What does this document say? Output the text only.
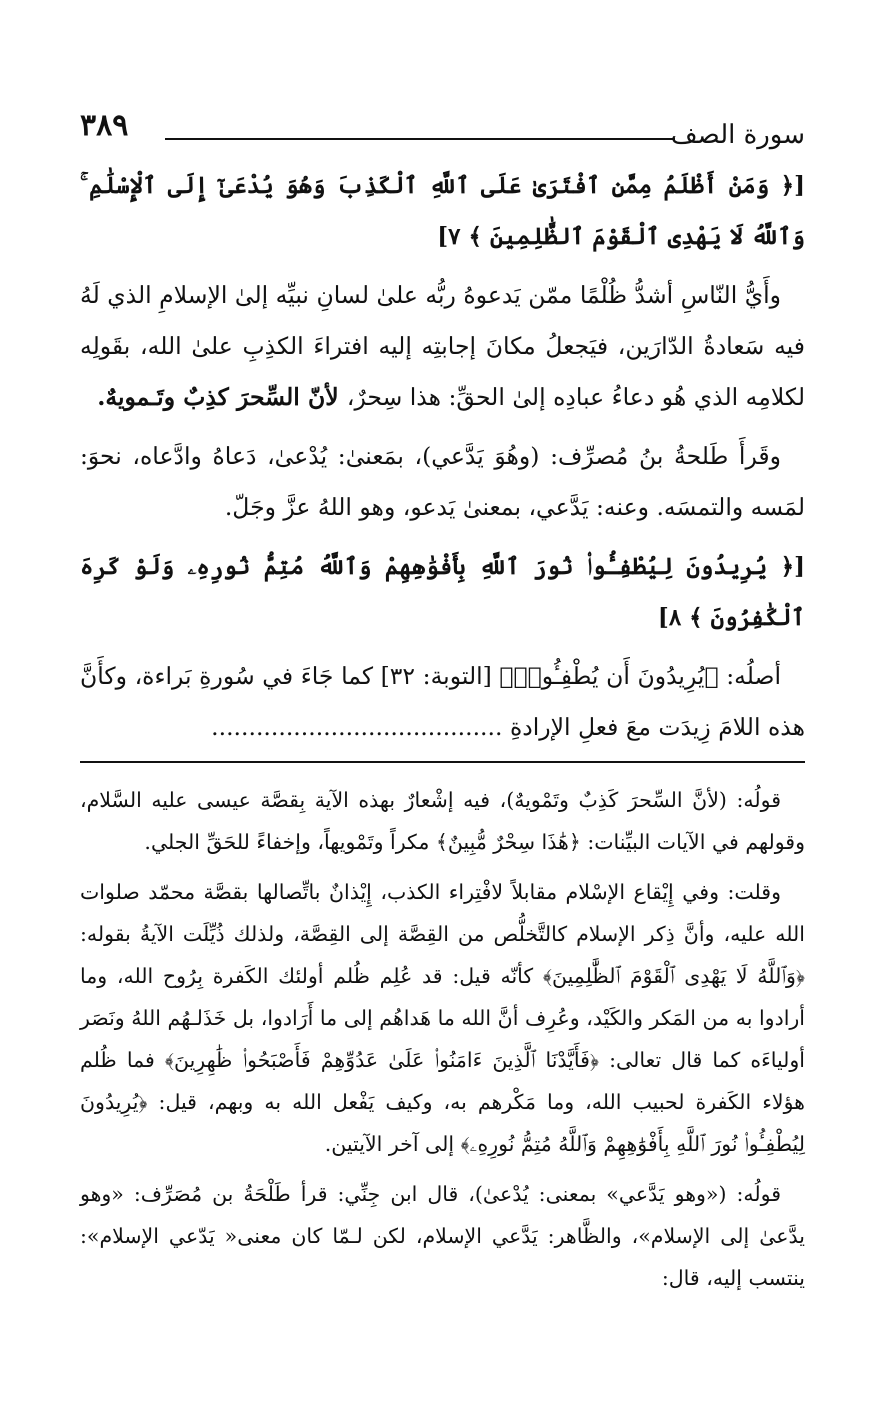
٣٨٩	سورة الصف

[﴿ وَمَنْ أَظْلَمُ مِمَّنِ ٱفْتَرَىٰ عَلَى ٱللَّهِ ٱلْكَذِبَ وَهُوَ يُدْعَىٰٓ إِلَى ٱلْإِسْلَٰمِ ۚ وَٱللَّهُ لَا يَهْدِى ٱلْقَوْمَ ٱلظَّٰلِمِينَ ﴾ ٧]

وأَيُّ النّاسِ أشدُّ ظُلْمًا ممّن يَدعوهُ ربُّه علىٰ لسانِ نبيِّه إلىٰ الإسلامِ الذي لَهُ فيه سَعادةُ الدّارَين، فيَجعلُ مكانَ إجابتِه إليه افتراءَ الكذِبِ علىٰ الله، بقَولِه لكلامِه الذي هُو دعاءُ عبادِه إلىٰ الحقِّ: هذا سِحرٌ، لأنّ السِّحرَ كذِبٌ وتَـمويهٌ.

وقَرأَ طَلحةُ بنُ مُصرِّف: (وهُوَ يَدَّعي)، بمَعنىٰ: يُدْعىٰ، دَعاهُ وادَّعاه، نحوَ: لمَسه والتمسَه. وعنه: يَدَّعي، بمعنىٰ يَدعو، وهو اللهُ عزَّ وجَلّ.

[﴿ يُرِيدُونَ لِيُطْفِـُٔوا۟ نُورَ ٱللَّهِ بِأَفْوَٰهِهِمْ وَٱللَّهُ مُتِمُّ نُورِهِۦ وَلَوْ كَرِهَ ٱلْكَٰفِرُونَ ﴾ ٨]

أصلُه: ﴿يُرِيدُونَ أَن يُطْفِـُٔوا۟﴾ [التوبة: ٣٢] كما جَاءَ في سُورةِ بَراءة، وكأَنَّ هذه اللامَ زِيدَت معَ فعلِ الإرادةِ .......................................

قولُه: (لأنَّ السِّحرَ كَذِبٌ وتَمْويهٌ)، فيه إشْعارٌ بهذه الآية بِقصَّة عيسى عليه السَّلام، وقولهم في الآيات البيِّنات: ﴿هَٰذَا سِحْرٌ مُّبِينٌ﴾ مكراً وتَمْويهاً، وإخفاءً للحَقِّ الجلي.

وقلت: وفي إِيْقاع الإسْلام مقابلاً لافْتِراء الكذب، إِيْذانٌ باتِّصالها بقصَّة محمّد صلوات الله عليه، وأنَّ ذِكر الإسلام كالتَّخلُّص من القِصَّة إلى القِصَّة، ولذلك ذُيِّلَت الآيةُ بقوله: ﴿وَٱللَّهُ لَا يَهْدِى ٱلْقَوْمَ ٱلظَّٰلِمِينَ﴾ كأنّه قيل: قد عُلِم ظُلم أولئك الكَفرة بِرُوح الله، وما أرادوا به من المَكر والكَيْد، وعُرِف أنَّ الله ما هَداهُم إلى ما أَرَادوا، بل خَذَلـهُم اللهُ ونَصَر أولياءَه كما قال تعالى: ﴿فَأَيَّدْنَا ٱلَّذِينَ ءَامَنُوا۟ عَلَىٰ عَدُوِّهِمْ فَأَصْبَحُوا۟ ظَٰهِرِينَ﴾ فما ظُلم هؤلاء الكَفرة لحبيب الله، وما مَكْرهم به، وكيف يَفْعل الله به وبهم، قيل: ﴿يُرِيدُونَ لِيُطْفِـُٔوا۟ نُورَ ٱللَّهِ بِأَفْوَٰهِهِمْ وَٱللَّهُ مُتِمُّ نُورِهِۦ﴾ إلى آخر الآيتين.

قولُه: («وهو يَدَّعي» بمعنى: يُدْعىٰ)، قال ابن جِنِّي: قرأ طَلْحَةُ بن مُصَرِّف: «وهو يدَّعىٰ إلى الإسلام»، والظَّاهر: يَدَّعي الإسلام، لكن لـمّا كان معنى« يَدّعي الإسلام»: ينتسب إليه، قال:
